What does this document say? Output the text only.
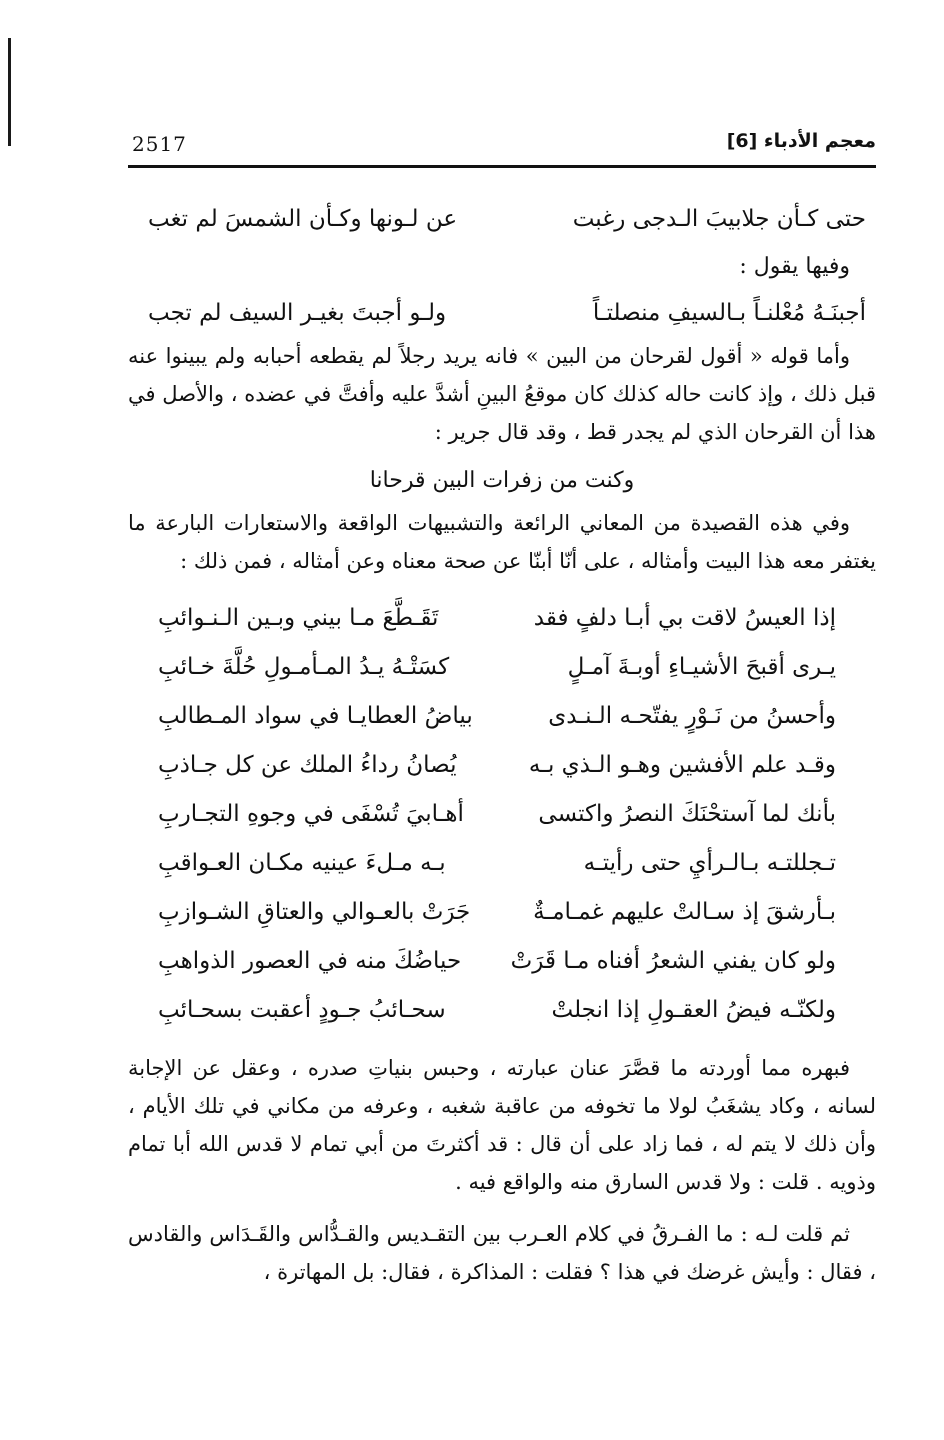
2517	معجم الأدباء [6]
حتى كـأن جلابيبَ الـدجى رغبت
عن لـونها وكـأن الشمسَ لم تغب
وفيها يقول :
أجبنَـهُ مُعْلنـاً بـالسيفِ منصلتـاً
ولـو أجبتَ بغيـر السيف لم تجب

وأما قوله « أقول لقرحان من البين » فانه يريد رجلاً لم يقطعه أحبابه ولم يبينوا عنه قبل ذلك ، وإذ كانت حاله كذلك كان موقعُ البينِ أشدَّ عليه وأفتَّ في عضده ، والأصل في هذا أن القرحان الذي لم يجدر قط ، وقد قال جرير :

وكنت من زفرات البين قرحانا

وفي هذه القصيدة من المعاني الرائعة والتشبيهات الواقعة والاستعارات البارعة ما يغتفر معه هذا البيت وأمثاله ، على أنّا أبنّا عن صحة معناه وعن أمثاله ، فمن ذلك :

إذا العيسُ لاقت بي أبـا دلفٍ فقد
تَقَـطَّعَ مـا بيني وبـين الـنـوائبِ
يـرى أقبحَ الأشيـاءِ أوبـةَ آمـلٍ
كسَتْـهُ يـدُ المـأمـولِ حُلَّةَ خـائبِ
وأحسنُ من نَـوْرٍ يفتّحـه الـنـدى
بياضُ العطايـا في سواد المـطالبِ
وقـد علم الأفشين وهـو الـذي بـه
يُصانُ رداءُ الملك عن كل جـاذبِ
بأنك لما آستحْنَكَ النصرُ واكتسى
أهـابيَ تُسْفَى في وجوهِ التجـاربِ
تـجللتـه بـالـرأيِ حتى رأيتـه
بـه مـلءَ عينيه مكـان العـواقبِ
بـأرشقَ إذ سـالتْ عليهم غمـامـةٌ
جَرَتْ بالعـوالي والعتاقِ الشـوازبِ
ولو كان يفني الشعرُ أفناه مـا قَرَتْ
حياضُكَ منه في العصور الذواهبِ
ولكنّـه فيضُ العقـولِ إذا انجلتْ
سحـائبُ جـودٍ أعقبت بسحـائبِ

فبهره مما أوردته ما قصَّرَ عنان عبارته ، وحبس بنياتِ صدره ، وعقل عن الإجابة لسانه ، وكاد يشغَبُ لولا ما تخوفه من عاقبة شغبه ، وعرفه من مكاني في تلك الأيام ، وأن ذلك لا يتم له ، فما زاد على أن قال : قد أكثرتَ من أبي تمام لا قدس الله أبا تمام وذويه . قلت : ولا قدس السارق منه والواقع فيه .

ثم قلت لـه : ما الفـرقُ في كلام العـرب بين التقـديس والقـدُّاس والقَـدَاس والقادس ، فقال : وأيش غرضك في هذا ؟ فقلت : المذاكرة ، فقال: بل المهاترة ،
